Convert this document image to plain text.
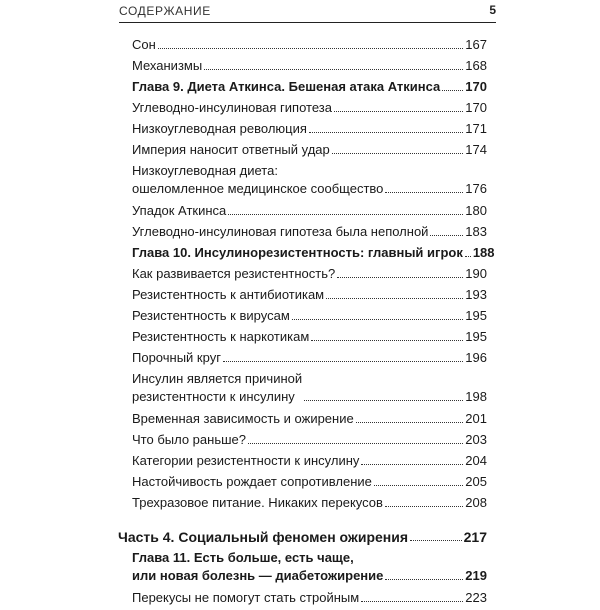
СОДЕРЖАНИЕ	5
Сон	167
Механизмы	168
Глава 9. Диета Аткинса. Бешеная атака Аткинса 170
Углеводно-инсулиновая гипотеза	170
Низкоуглеводная революция	171
Империя наносит ответный удар	174
Низкоуглеводная диета:
ошеломленное медицинское сообщество	176
Упадок Аткинса	180
Углеводно-инсулиновая гипотеза была неполной	183
Глава 10. Инсулинорезистентность: главный игрок 188
Как развивается резистентность?	190
Резистентность к антибиотикам	193
Резистентность к вирусам	195
Резистентность к наркотикам	195
Порочный круг	196
Инсулин является причиной
резистентности к инсулину	198
Временная зависимость и ожирение	201
Что было раньше?	203
Категории резистентности к инсулину	204
Настойчивость рождает сопротивление	205
Трехразовое питание. Никаких перекусов	208
Часть 4. Социальный феномен ожирения	217
Глава 11. Есть больше, есть чаще,
или новая болезнь — диабетожирение	219
Перекусы не помогут стать стройным	223
